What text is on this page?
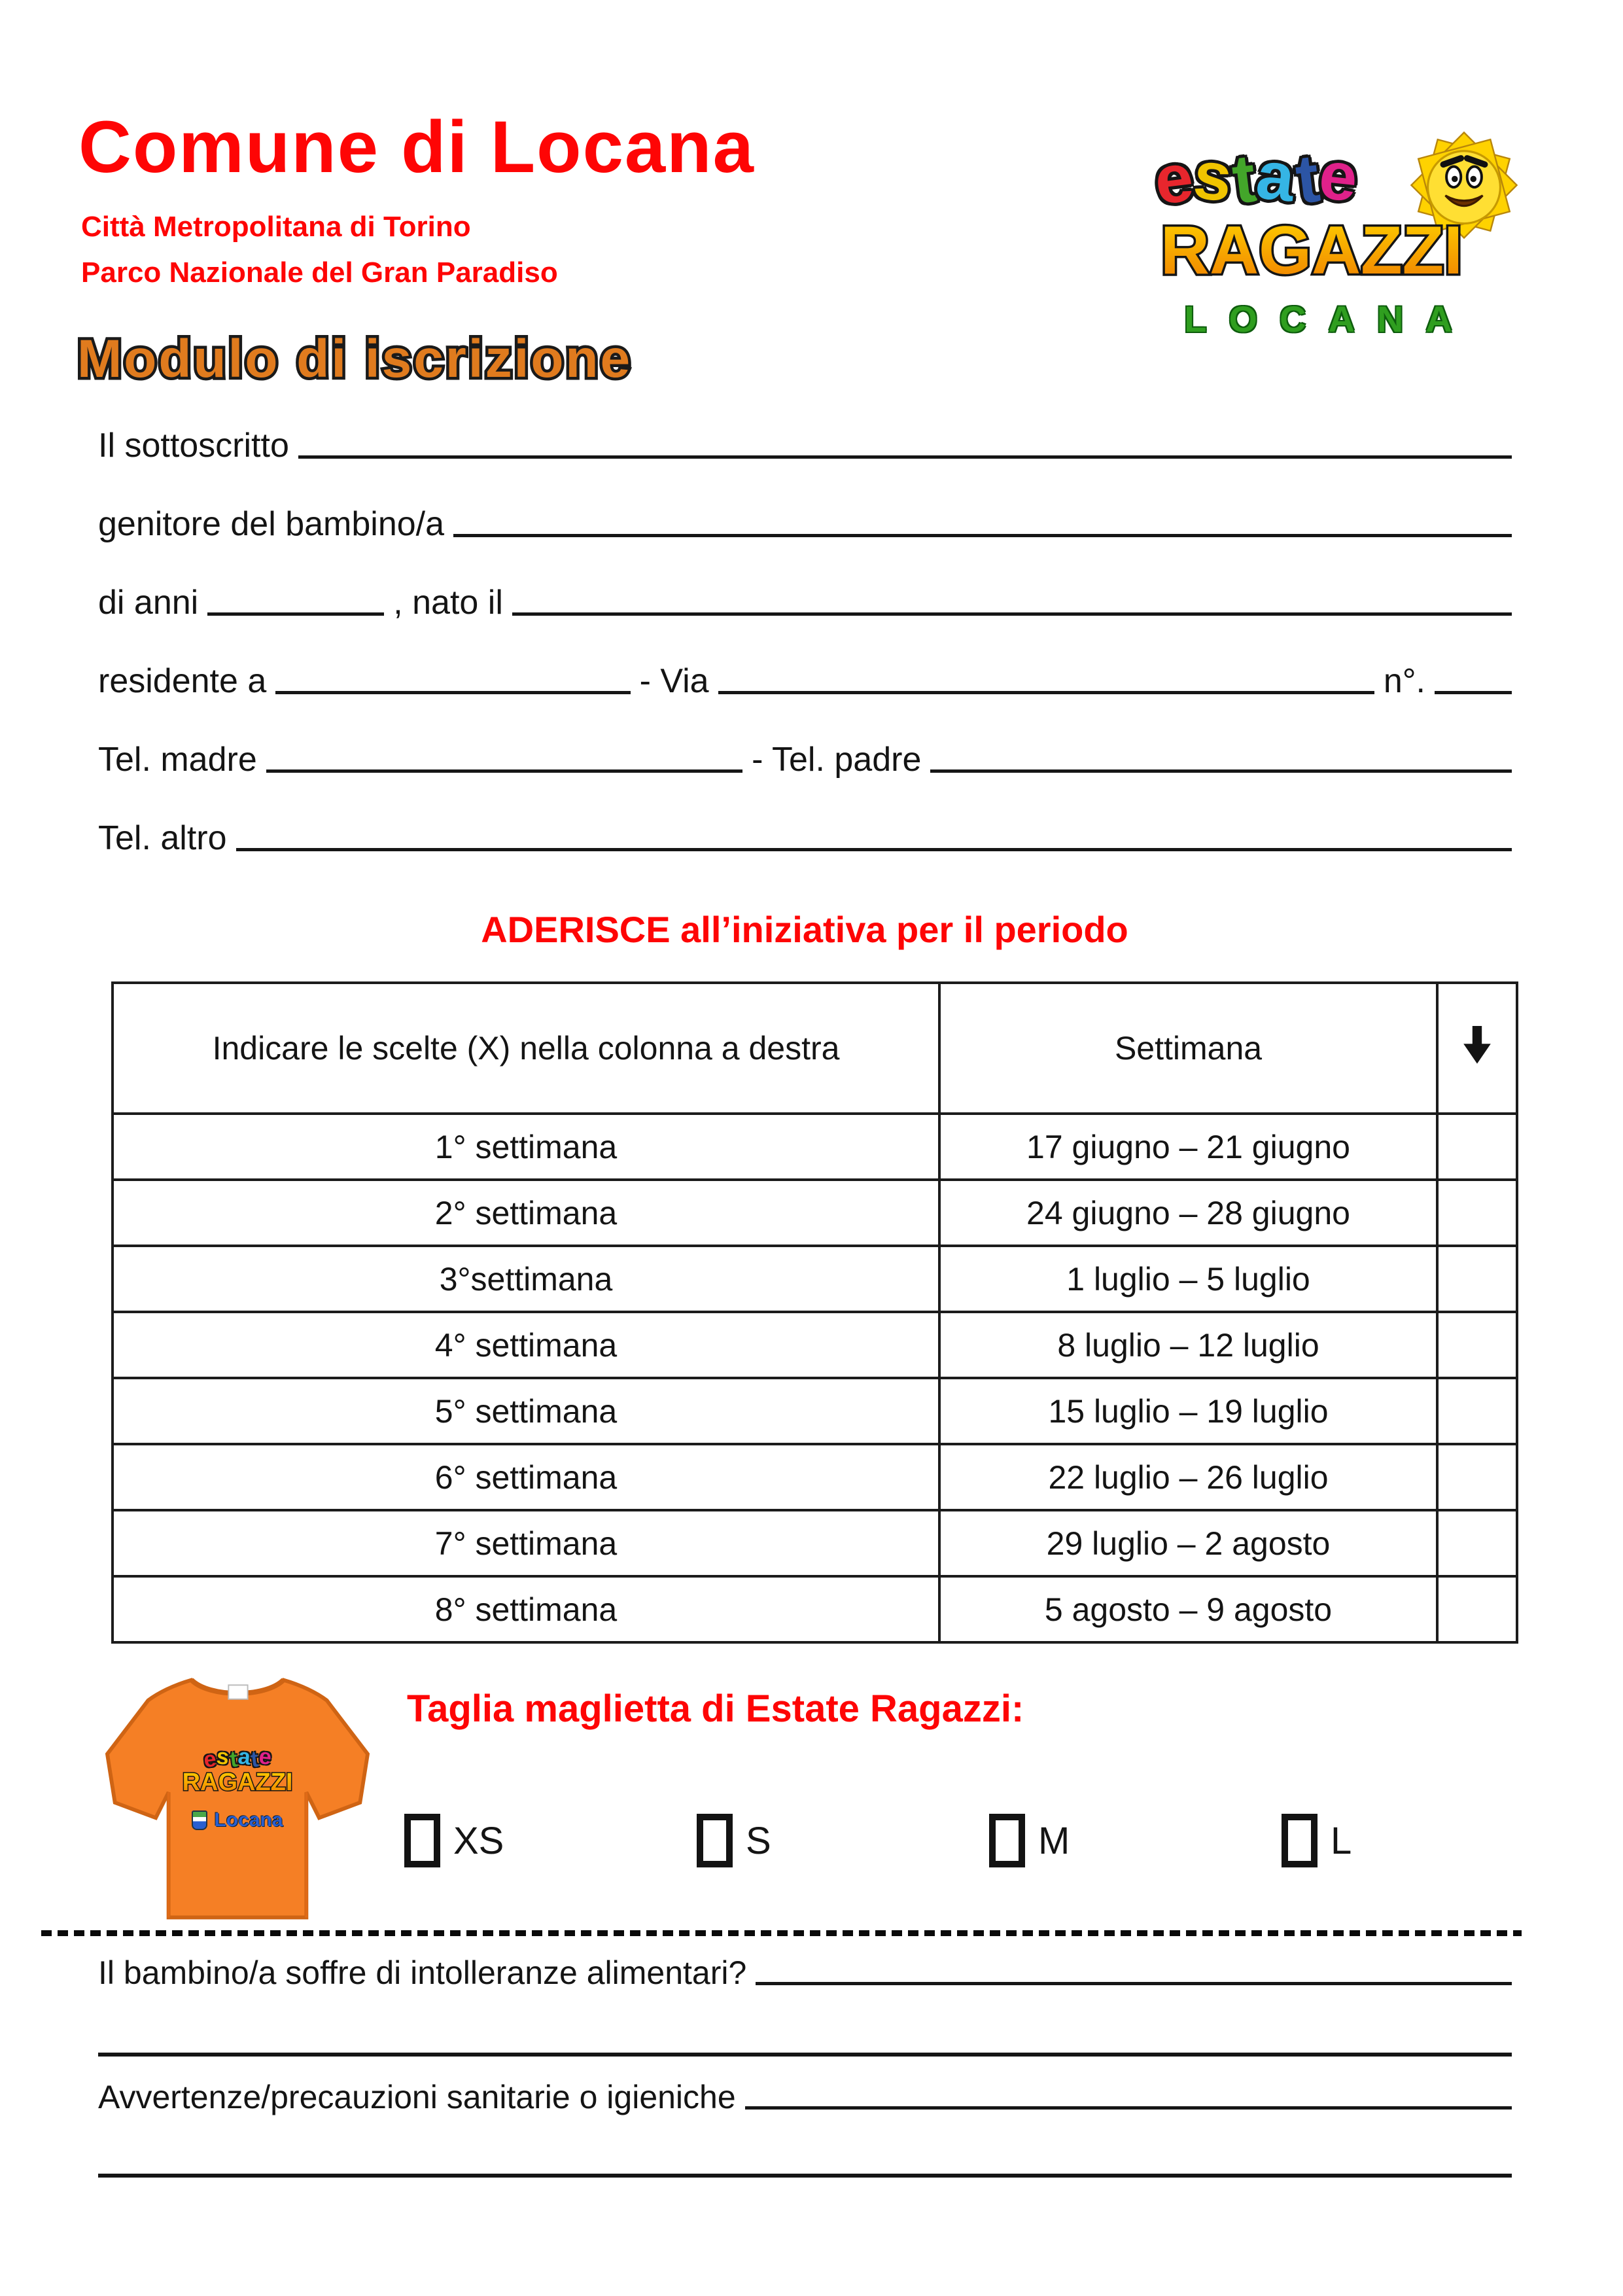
Comune di Locana
Città Metropolitana di Torino
Parco Nazionale del Gran Paradiso
Modulo di iscrizione
e
s
t
a
t
e
RAGAZZI
LOCANA
Il sottoscritto
genitore del bambino/a
di anni	, nato il
residente a	- Via	n°.
Tel. madre	- Tel. padre
Tel. altro
ADERISCE all’iniziativa per il periodo
Indicare le scelte (X) nella colonna a destra	Settimana	
1° settimana	17 giugno – 21 giugno	
2° settimana	24 giugno – 28 giugno	
3°settimana	1 luglio – 5 luglio	
4° settimana	8 luglio – 12 luglio	
5° settimana	15 luglio – 19 luglio	
6° settimana	22 luglio – 26 luglio	
7° settimana	29 luglio – 2 agosto	
8° settimana	5 agosto – 9 agosto	
e
s
t
a
t
e
RAGAZZI
Locana
Taglia maglietta di Estate Ragazzi:
XS	S	M	L
Il bambino/a soffre di intolleranze alimentari?
Avvertenze/precauzioni sanitarie o igieniche
